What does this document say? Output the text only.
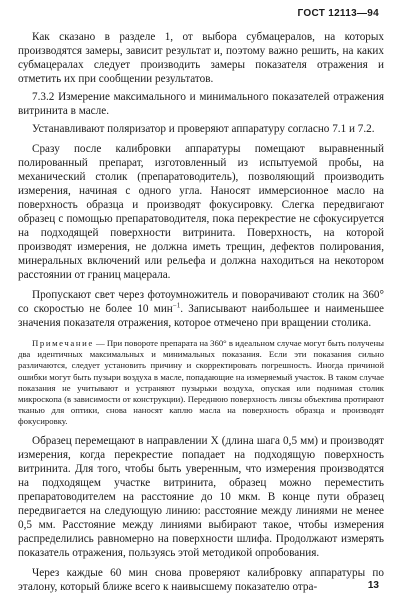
ГОСТ 12113—94

Как сказано в разделе 1, от выбора субмацералов, на которых производятся замеры, зависит результат и, поэтому важно решить, на каких субмацералах следует производить замеры показателя отражения и отметить их при сообщении результатов.

7.3.2 Измерение максимального и минимального показателей отражения витринита в масле.

Устанавливают поляризатор и проверяют аппаратуру согласно 7.1 и 7.2.

Сразу после калибровки аппаратуры помещают выравненный полированный препарат, изготовленный из испытуемой пробы, на механический столик (препаратоводитель), позволяющий производить измерения, начиная с одного угла. Наносят иммерсионное масло на поверхность образца и производят фокусировку. Слегка передвигают образец с помощью препаратоводителя, пока перекрестие не сфокусируется на подходящей поверхности витринита. Поверхность, на которой производят измерения, не должна иметь трещин, дефектов полирования, минеральных включений или рельефа и должна находиться на некотором расстоянии от границ мацерала.

Пропускают свет через фотоумножитель и поворачивают столик на 360° со скоростью не более 10 мин$^{-1}$. Записывают наибольшее и наименьшее значения показателя отражения, которое отмечено при вращении столика.

Примечание — При повороте препарата на 360° в идеальном случае могут быть получены два идентичных максимальных и минимальных показания. Если эти показания сильно различаются, следует установить причину и скорректировать погрешность. Иногда причиной ошибки могут быть пузыри воздуха в масле, попадающие на измеряемый участок. В таком случае показания не учитывают и устраняют пузырьки воздуха, опуская или поднимая столик микроскопа (в зависимости от конструкции). Переднюю поверхность линзы объектива протирают тканью для оптики, снова наносят каплю масла на поверхность образца и производят фокусировку.

Образец перемещают в направлении X (длина шага 0,5 мм) и производят измерения, когда перекрестие попадает на подходящую поверхность витринита. Для того, чтобы быть уверенным, что измерения производятся на подходящем участке витринита, образец можно переместить препаратоводителем на расстояние до 10 мкм. В конце пути образец передвигается на следующую линию: расстояние между линиями не менее 0,5 мм. Расстояние между линиями выбирают такое, чтобы измерения распределились равномерно на поверхности шлифа. Продолжают измерять показатель отражения, пользуясь этой методикой опробования.

Через каждые 60 мин снова проверяют калибровку аппаратуры по эталону, который ближе всего к наивысшему показателю отра-	13
